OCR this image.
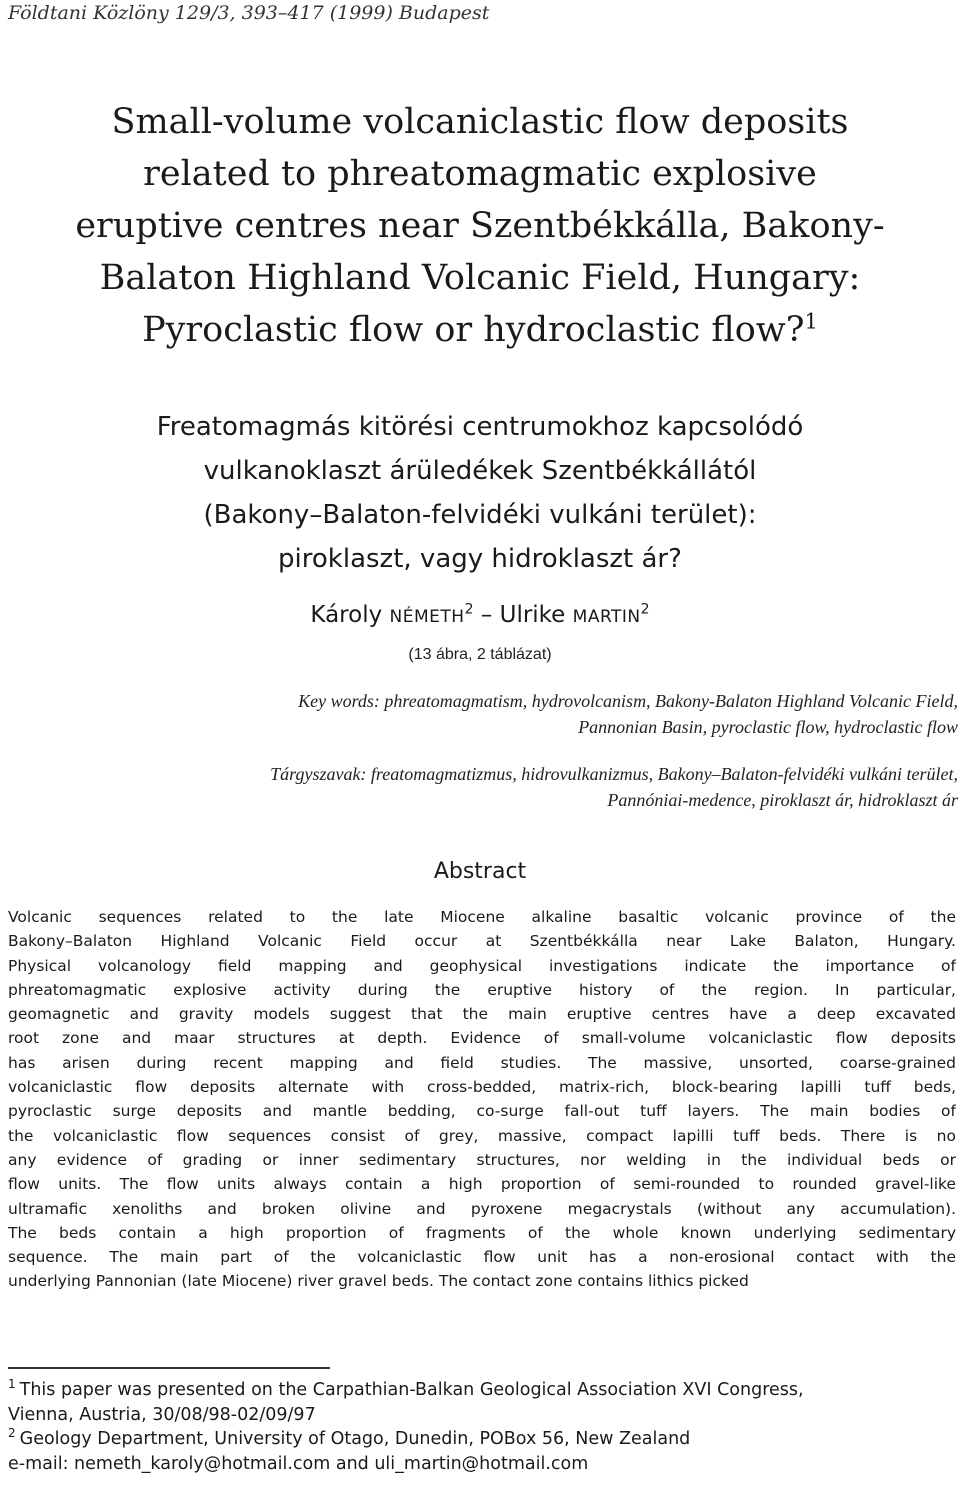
Földtani Közlöny 129/3, 393–417 (1999) Budapest
Small-volume volcaniclastic flow deposits
related to phreatomagmatic explosive
eruptive centres near Szentbékkálla, Bakony-
Balaton Highland Volcanic Field, Hungary:
Pyroclastic flow or hydroclastic flow?$^1$
Freatomagmás kitörési centrumokhoz kapcsolódó
vulkanoklaszt árüledékek Szentbékkállától
(Bakony–Balaton-felvidéki vulkáni terület):
piroklaszt, vagy hidroklaszt ár?
Károly NÉMETH$^2$ – Ulrike MARTIN$^2$
(13 ábra, 2 táblázat)
Key words: phreatomagmatism, hydrovolcanism, Bakony-Balaton Highland Volcanic Field,
Pannonian Basin, pyroclastic flow, hydroclastic flow
Tárgyszavak: freatomagmatizmus, hidrovulkanizmus, Bakony–Balaton-felvidéki vulkáni terület,
Pannóniai-medence, piroklaszt ár, hidroklaszt ár
Abstract
Volcanic sequences related to the late Miocene alkaline basaltic volcanic province of the
Bakony–Balaton Highland Volcanic Field occur at Szentbékkálla near Lake Balaton, Hungary.
Physical volcanology field mapping and geophysical investigations indicate the importance of
phreatomagmatic explosive activity during the eruptive history of the region. In particular,
geomagnetic and gravity models suggest that the main eruptive centres have a deep excavated
root zone and maar structures at depth. Evidence of small-volume volcaniclastic flow deposits
has arisen during recent mapping and field studies. The massive, unsorted, coarse-grained
volcaniclastic flow deposits alternate with cross-bedded, matrix-rich, block-bearing lapilli tuff beds,
pyroclastic surge deposits and mantle bedding, co-surge fall-out tuff layers. The main bodies of
the volcaniclastic flow sequences consist of grey, massive, compact lapilli tuff beds. There is no
any evidence of grading or inner sedimentary structures, nor welding in the individual beds or
flow units. The flow units always contain a high proportion of semi-rounded to rounded gravel-like
ultramafic xenoliths and broken olivine and pyroxene megacrystals (without any accumulation).
The beds contain a high proportion of fragments of the whole known underlying sedimentary
sequence. The main part of the volcaniclastic flow unit has a non-erosional contact with the
underlying Pannonian (late Miocene) river gravel beds. The contact zone contains lithics picked
$^1$ This paper was presented on the Carpathian-Balkan Geological Association XVI Congress,
Vienna, Austria, 30/08/98-02/09/97
$^2$ Geology Department, University of Otago, Dunedin, POBox 56, New Zealand
e-mail: nemeth_karoly@hotmail.com and uli_martin@hotmail.com
